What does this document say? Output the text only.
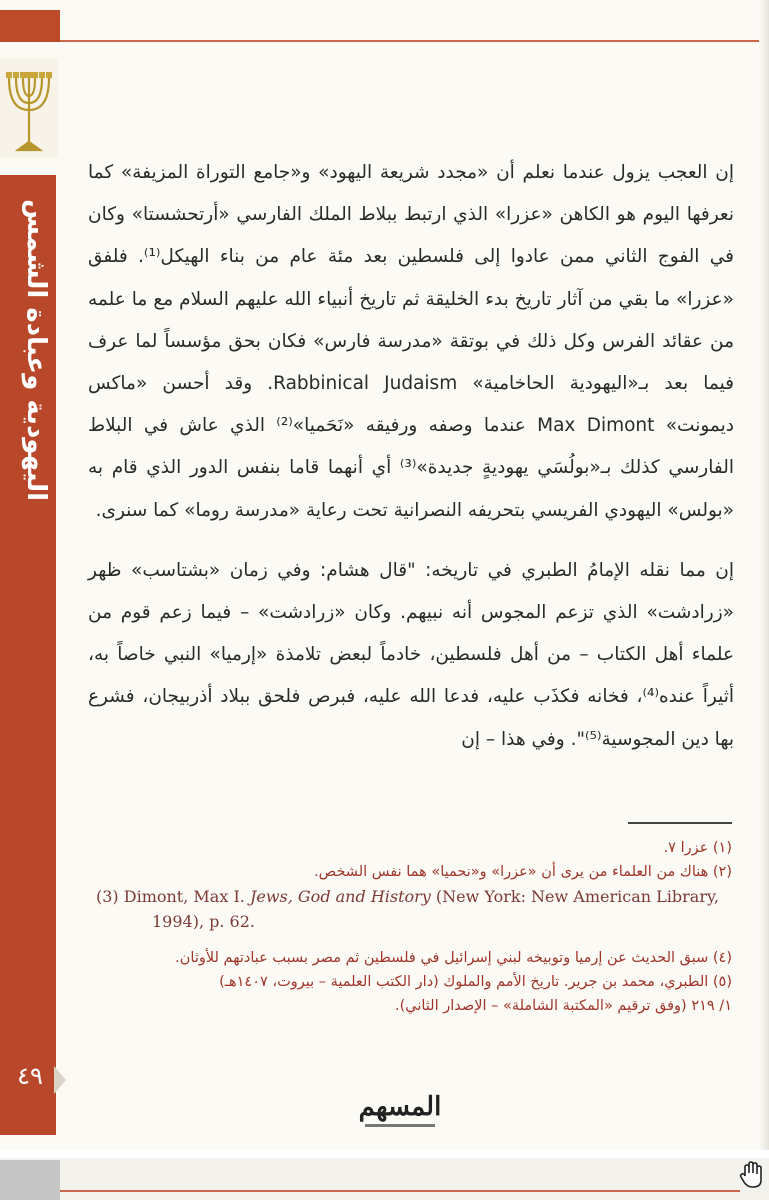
اليهودية وعبادة الشمس
٤٩

إن العجب يزول عندما نعلم أن «مجدد شريعة اليهود» و«جامع التوراة المزيفة» كما نعرفها اليوم هو الكاهن «عزرا» الذي ارتبط ببلاط الملك الفارسي «أرتحشستا» وكان في الفوج الثاني ممن عادوا إلى فلسطين بعد مئة عام من بناء الهيكل⁽¹⁾. فلفق «عزرا» ما بقي من آثار تاريخ بدء الخليقة ثم تاريخ أنبياء الله عليهم السلام مع ما علمه من عقائد الفرس وكل ذلك في بوتقة «مدرسة فارس» فكان بحق مؤسساً لما عرف فيما بعد بـ«اليهودية الحاخامية» Rabbinical Judaism. وقد أحسن «ماكس ديمونت» Max Dimont عندما وصفه ورفيقه «نَحَميا»⁽²⁾ الذي عاش في البلاط الفارسي كذلك بـ«بولُسَي يهوديةٍ جديدة»⁽³⁾ أي أنهما قاما بنفس الدور الذي قام به «بولس» اليهودي الفريسي بتحريفه النصرانية تحت رعاية «مدرسة روما» كما سنرى.

إن مما نقله الإمامُ الطبري في تاريخه: "قال هشام: وفي زمان «بشتاسب» ظهر «زرادشت» الذي تزعم المجوس أنه نبيهم. وكان «زرادشت» – فيما زعم قوم من علماء أهل الكتاب – من أهل فلسطين، خادماً لبعض تلامذة «إرميا» النبي خاصاً به، أثيراً عنده⁽⁴⁾، فخانه فكذَب عليه، فدعا الله عليه، فبرص فلحق ببلاد أذربيجان، فشرع بها دين المجوسية⁽⁵⁾". وفي هذا – إن

(١) عزرا ٧.
(٢) هناك من العلماء من يرى أن «عزرا» و«نحميا» هما نفس الشخص.
(3) Dimont, Max I. Jews, God and History (New York: New American Library,
1994), p. 62.
(٤) سبق الحديث عن إرميا وتوبيخه لبني إسرائيل في فلسطين ثم مصر بسبب عبادتهم للأوثان.
(٥) الطبري، محمد بن جرير. تاريخ الأمم والملوك (دار الكتب العلمية – بيروت، ١٤٠٧هـ)
١/ ٢١٩ (وفق ترقيم «المكتبة الشاملة» – الإصدار الثاني).
المسهم
